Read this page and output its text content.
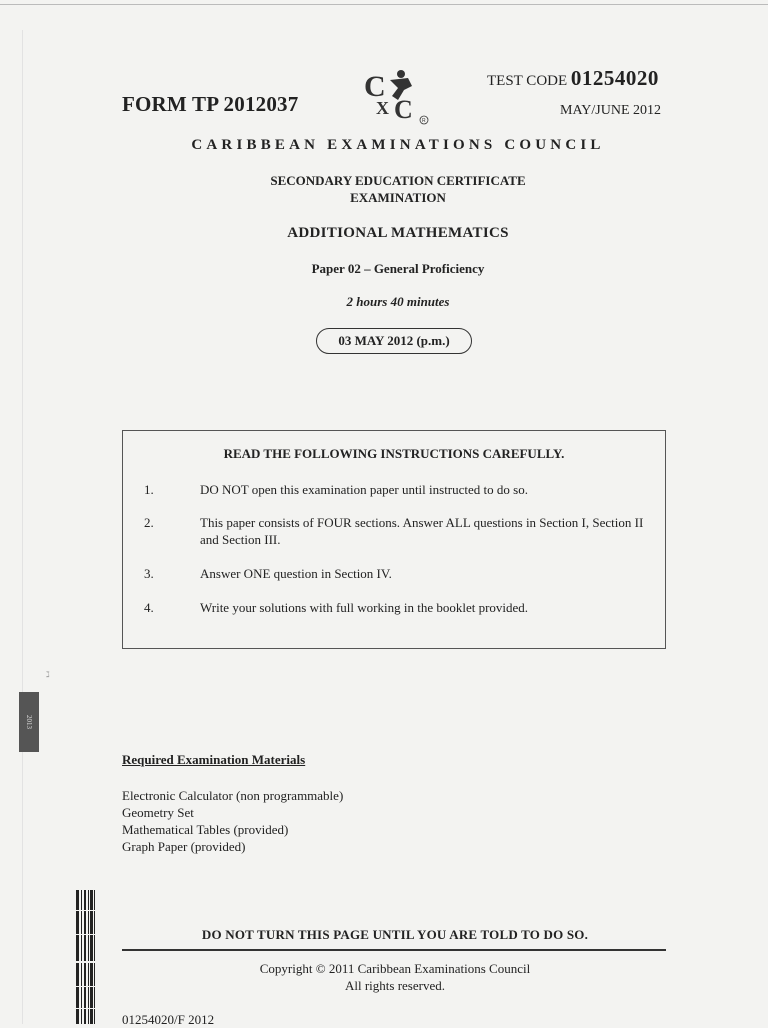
FORM TP 2012037
C
X C R
TEST CODE 01254020
MAY/JUNE 2012
CARIBBEAN EXAMINATIONS COUNCIL
SECONDARY EDUCATION CERTIFICATE
EXAMINATION
ADDITIONAL MATHEMATICS
Paper 02 – General Proficiency
2 hours 40 minutes
03 MAY 2012 (p.m.)
READ THE FOLLOWING INSTRUCTIONS CAREFULLY.
1.	DO NOT open this examination paper until instructed to do so.
2.	This paper consists of FOUR sections. Answer ALL questions in Section I, Section II and Section III.
3.	Answer ONE question in Section IV.
4.	Write your solutions with full working in the booklet provided.
ℷ
2013
Required Examination Materials
Electronic Calculator (non programmable)
Geometry Set
Mathematical Tables (provided)
Graph Paper (provided)
DO NOT TURN THIS PAGE UNTIL YOU ARE TOLD TO DO SO.
Copyright © 2011 Caribbean Examinations Council
All rights reserved.
01254020/F 2012
